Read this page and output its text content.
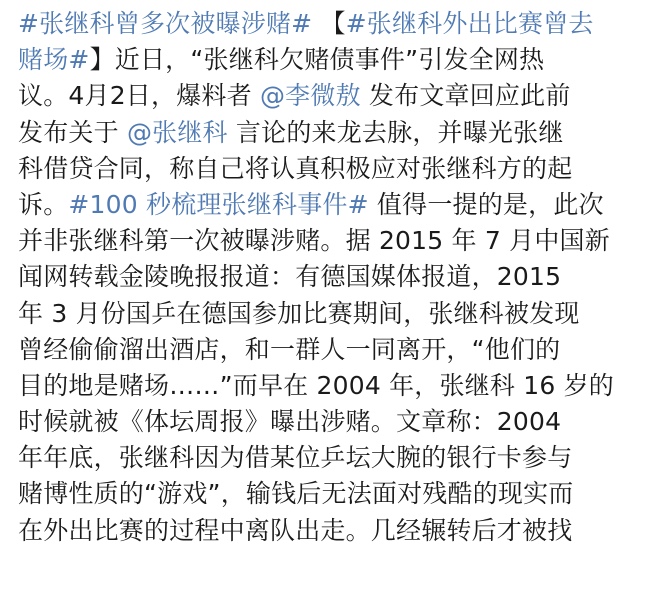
#张继科曾多次被曝涉赌# 【#张继科外出比赛曾去
赌场#】近日，“张继科欠赌债事件”引发全网热
议。4月2日，爆料者 @李微敖 发布文章回应此前
发布关于 @张继科 言论的来龙去脉，并曝光张继
科借贷合同，称自己将认真积极应对张继科方的起
诉。#100 秒梳理张继科事件# 值得一提的是，此次
并非张继科第一次被曝涉赌。据 2015 年 7 月中国新
闻网转载金陵晚报报道：有德国媒体报道，2015
年 3 月份国乒在德国参加比赛期间，张继科被发现
曾经偷偷溜出酒店，和一群人一同离开，“他们的
目的地是赌场……”而早在 2004 年，张继科 16 岁的
时候就被《体坛周报》曝出涉赌。文章称：2004
年年底，张继科因为借某位乒坛大腕的银行卡参与
赌博性质的“游戏”，输钱后无法面对残酷的现实而
在外出比赛的过程中离队出走。几经辗转后才被找
